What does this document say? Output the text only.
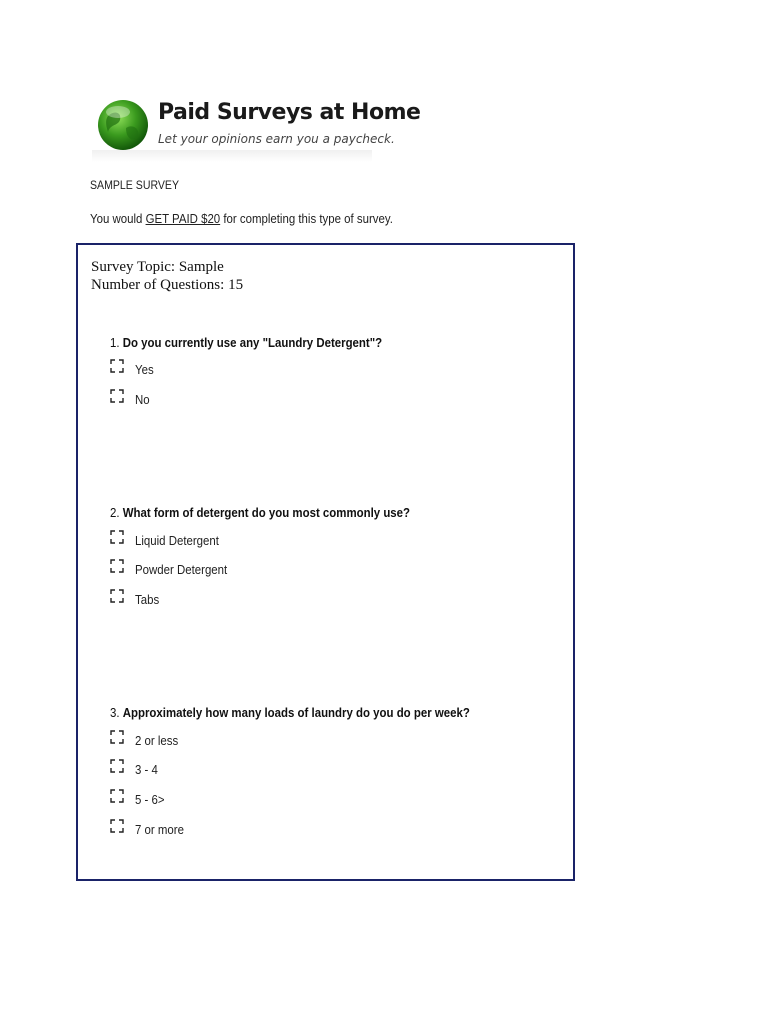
Paid Surveys at Home
Let your opinions earn you a paycheck.
SAMPLE SURVEY
You would GET PAID $20 for completing this type of survey.
Survey Topic: Sample
Number of Questions: 15
1. Do you currently use any "Laundry Detergent"?
Yes
No
2. What form of detergent do you most commonly use?
Liquid Detergent
Powder Detergent
Tabs
3. Approximately how many loads of laundry do you do per week?
2 or less
3 - 4
5 - 6>
7 or more
